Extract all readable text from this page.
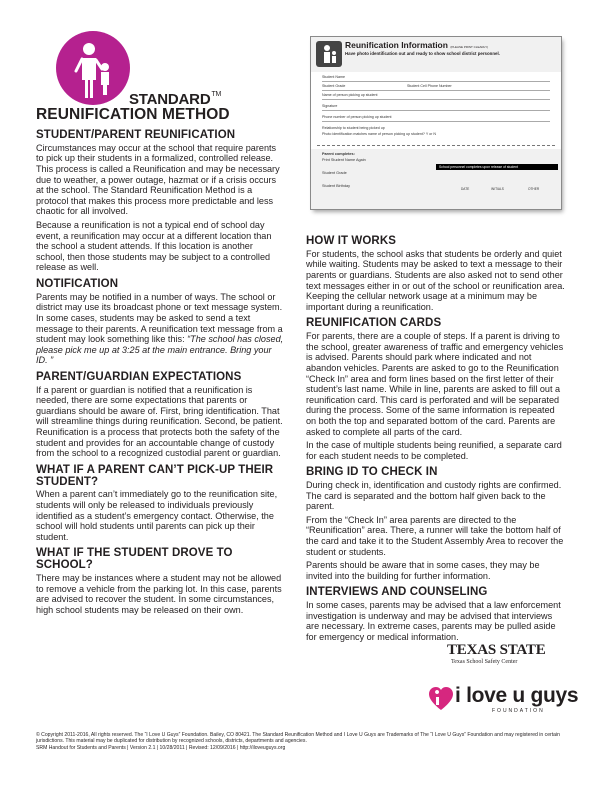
STANDARD™
REUNIFICATION METHOD
Reunification Information (PLEASE PRINT CLEARLY)
Have photo identification out and ready to show school district personnel.
Student Name
Student Grade	Student Cell Phone Number
Name of person picking up student
Signature
Phone number of person picking up student
Relationship to student being picked up
Photo identification matches name of person picking up student? Y or N
Parent completes:
Print Student Name Again
Student Grade
Student Birthday
School personnel completes upon release of student
DATE	INITIALS	OTHER
STUDENT/PARENT REUNIFICATION

Circumstances may occur at the school that require parents to pick up their students in a formalized, controlled release. This process is called a Reunification and may be necessary due to weather, a power outage, hazmat or if a crisis occurs at the school. The Standard Reunification Method is a protocol that makes this process more predictable and less chaotic for all involved.

Because a reunification is not a typical end of school day event, a reunification may occur at a different location than the school a student attends. If this location is another school, then those students may be subject to a controlled release as well.

NOTIFICATION

Parents may be notified in a number of ways. The school or district may use its broadcast phone or text message system. In some cases, students may be asked to send a text message to their parents. A reunification text message from a student may look something like this: “The school has closed, please pick me up at 3:25 at the main entrance. Bring your ID. ”

PARENT/GUARDIAN EXPECTATIONS

If a parent or guardian is notified that a reunification is needed, there are some expectations that parents or guardians should be aware of. First, bring identification. That will streamline things during reunification. Second, be patient. Reunification is a process that protects both the safety of the student and provides for an accountable change of custody from the school to a recognized custodial parent or guardian.

WHAT IF A PARENT CAN’T PICK-UP THEIR STUDENT?

When a parent can’t immediately go to the reunification site, students will only be released to individuals previously identified as a student’s emergency contact. Otherwise, the school will hold students until parents can pick up their student.

WHAT IF THE STUDENT DROVE TO SCHOOL?

There may be instances where a student may not be allowed to remove a vehicle from the parking lot. In this case, parents are advised to recover the student. In some circumstances, high school students may be released on their own.

HOW IT WORKS

For students, the school asks that students be orderly and quiet while waiting. Students may be asked to text a message to their parents or guardians. Students are also asked not to send other text messages either in or out of the school or reunification area. Keeping the cellular network usage at a minimum may be important during a reunification.

REUNIFICATION CARDS

For parents, there are a couple of steps. If a parent is driving to the school, greater awareness of traffic and emergency vehicles is advised. Parents should park where indicated and not abandon vehicles. Parents are asked to go to the Reunification “Check In” area and form lines based on the first letter of their student’s last name. While in line, parents are asked to fill out a reunification card. This card is perforated and will be separated during the process. Some of the same information is repeated on both the top and separated bottom of the card. Parents are asked to complete all parts of the card.

In the case of multiple students being reunified, a separate card for each student needs to be completed.

BRING ID TO CHECK IN

During check in, identification and custody rights are confirmed. The card is separated and the bottom half given back to the parent.

From the “Check In” area parents are directed to the “Reunification” area. There, a runner will take the bottom half of the card and take it to the Student Assembly Area to recover the student or students.

Parents should be aware that in some cases, they may be invited into the building for further information.

INTERVIEWS AND COUNSELING

In some cases, parents may be advised that a law enforcement investigation is underway and may be advised that interviews are necessary. In extreme cases, parents may be pulled aside for emergency or medical information.

TEXAS STATE
Texas School Safety Center
i love u guys
FOUNDATION
© Copyright 2011-2016, All rights reserved. The “I Love U Guys” Foundation. Bailey, CO 80421. The Standard Reunification Method and I Love U Guys are Trademarks of The “I Love U Guys” Foundation and may registered in certain jurisdictions. This material may be duplicated for distribution by recognized schools, districts, departments and agencies.
SRM Handout for Students and Parents | Version 2.1 | 10/28/2011 | Revised: 12/09/2016 | http://iloveuguys.org
